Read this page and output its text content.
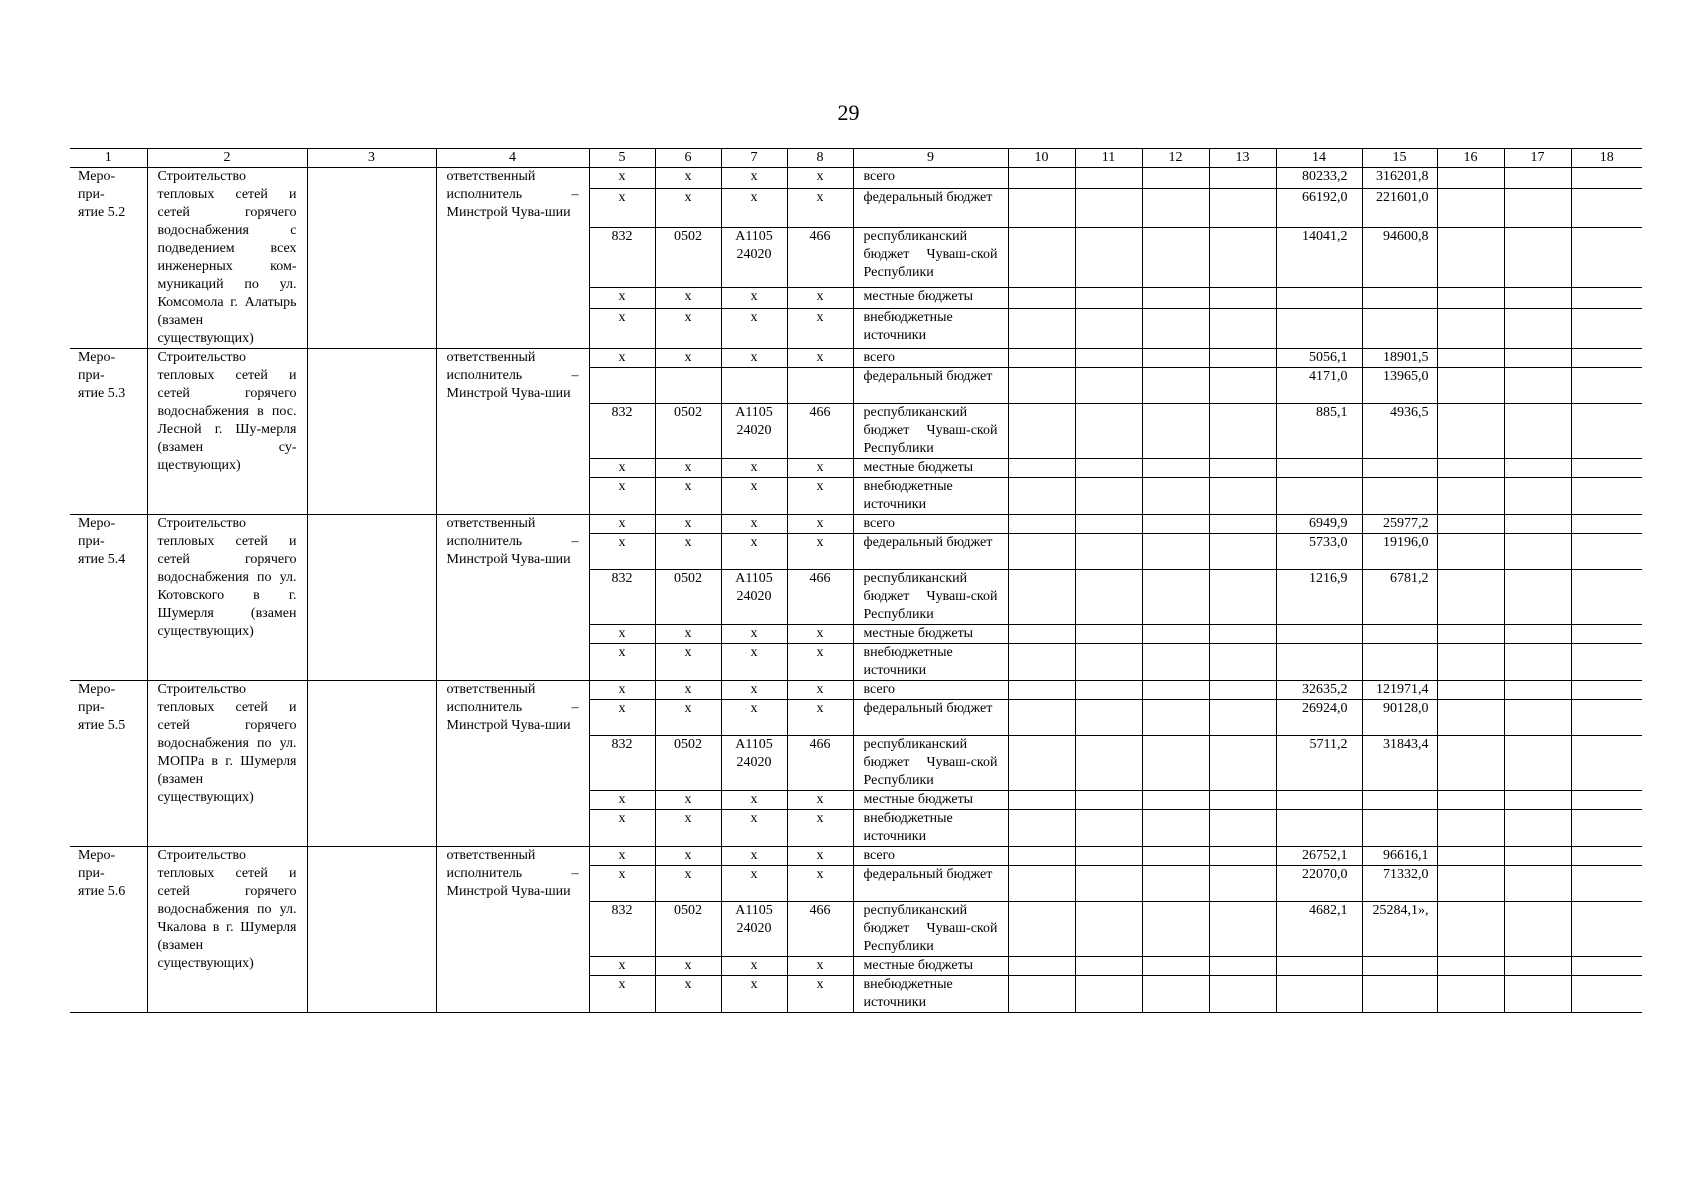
29
1	2	3	4	5	6	7	8	9	10	11	12	13	14	15	16	17	18
Меро-
при-
ятие 5.2	Строительство тепловых сетей и сетей горячего водоснабжения с подведением всех инженерных ком-муникаций по ул. Комсомола г. Алатырь (взамен существующих)		ответственный исполнитель – Минстрой Чува-шии	х	х	х	х	всего					80233,2	316201,8			
				х	х	х	х	федеральный бюджет					66192,0	221601,0			
				832	0502	А1105 24020	466	республиканский бюджет Чуваш-ской Республики					14041,2	94600,8			
				х	х	х	х	местные бюджеты									
				х	х	х	х	внебюджетные источники									
Меро-
при-
ятие 5.3	Строительство тепловых сетей и сетей горячего водоснабжения в пос. Лесной г. Шу-мерля (взамен су-ществующих)		ответственный исполнитель – Минстрой Чува-шии	х	х	х	х	всего					5056,1	18901,5			
								федеральный бюджет					4171,0	13965,0			
				832	0502	А1105 24020	466	республиканский бюджет Чуваш-ской Республики					885,1	4936,5			
				х	х	х	х	местные бюджеты									
				х	х	х	х	внебюджетные источники									
Меро-
при-
ятие 5.4	Строительство тепловых сетей и сетей горячего водоснабжения по ул. Котовского в г. Шумерля (взамен существующих)		ответственный исполнитель – Минстрой Чува-шии	х	х	х	х	всего					6949,9	25977,2			
				х	х	х	х	федеральный бюджет					5733,0	19196,0			
				832	0502	А1105 24020	466	республиканский бюджет Чуваш-ской Республики					1216,9	6781,2			
				х	х	х	х	местные бюджеты									
				х	х	х	х	внебюджетные источники									
Меро-
при-
ятие 5.5	Строительство тепловых сетей и сетей горячего водоснабжения по ул. МОПРа в г. Шумерля (взамен существующих)		ответственный исполнитель – Минстрой Чува-шии	х	х	х	х	всего					32635,2	121971,4			
				х	х	х	х	федеральный бюджет					26924,0	90128,0			
				832	0502	А1105 24020	466	республиканский бюджет Чуваш-ской Республики					5711,2	31843,4			
				х	х	х	х	местные бюджеты									
				х	х	х	х	внебюджетные источники									
Меро-
при-
ятие 5.6	Строительство тепловых сетей и сетей горячего водоснабжения по ул. Чкалова в г. Шумерля (взамен существующих)		ответственный исполнитель – Минстрой Чува-шии	х	х	х	х	всего					26752,1	96616,1			
				х	х	х	х	федеральный бюджет					22070,0	71332,0			
				832	0502	А1105 24020	466	республиканский бюджет Чуваш-ской Республики					4682,1	25284,1»,			
				х	х	х	х	местные бюджеты									
				х	х	х	х	внебюджетные источники									
